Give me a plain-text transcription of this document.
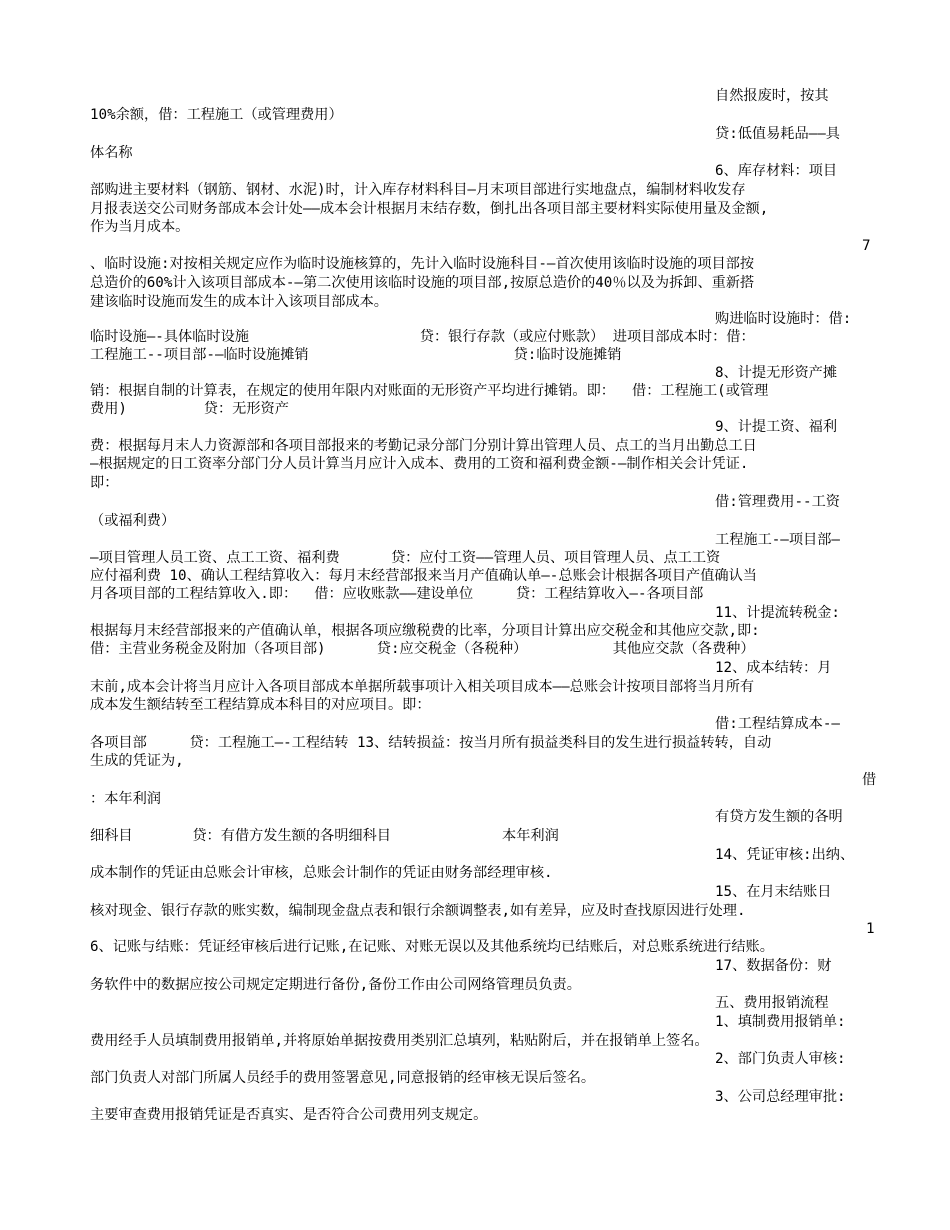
自然报废时，按其
10%余额，借：工程施工（或管理费用）
贷:低值易耗品——具
体名称
6、库存材料：项目
部购进主要材料（钢筋、钢材、水泥)时，计入库存材料科目—月末项目部进行实地盘点，编制材料收发存
月报表送交公司财务部成本会计处——成本会计根据月末结存数，倒扎出各项目部主要材料实际使用量及金额,
作为当月成本。
7
、临时设施:对按相关规定应作为临时设施核算的，先计入临时设施科目-—首次使用该临时设施的项目部按
总造价的60%计入该项目部成本-—第二次使用该临时设施的项目部,按原总造价的40％以及为拆卸、重新搭
建该临时设施而发生的成本计入该项目部成本。
购进临时设施时：借:
临时设施—-具体临时设施                    贷：银行存款（或应付账款） 进项目部成本时：借：
工程施工--项目部-—临时设施摊销                        贷:临时设施摊销
8、计提无形资产摊
销：根据自制的计算表，在规定的使用年限内对账面的无形资产平均进行摊销。即：  借：工程施工(或管理
费用)         贷：无形资产
9、计提工资、福利
费：根据每月末人力资源部和各项目部报来的考勤记录分部门分别计算出管理人员、点工的当月出勤总工日
—根据规定的日工资率分部门分人员计算当月应计入成本、费用的工资和福利费金额-—制作相关会计凭证.
即：
借:管理费用--工资
（或福利费）
工程施工-—项目部—
—项目管理人员工资、点工工资、福利费      贷：应付工资——管理人员、项目管理人员、点工工资
应付福利费 10、确认工程结算收入：每月末经营部报来当月产值确认单—-总账会计根据各项目产值确认当
月各项目部的工程结算收入.即：  借：应收账款——建设单位     贷：工程结算收入—-各项目部
11、计提流转税金:
根据每月末经营部报来的产值确认单，根据各项应缴税费的比率，分项目计算出应交税金和其他应交款,即:
借：主营业务税金及附加（各项目部)      贷:应交税金（各税种）          其他应交款（各费种）
12、成本结转：月
末前,成本会计将当月应计入各项目部成本单据所载事项计入相关项目成本——总账会计按项目部将当月所有
成本发生额结转至工程结算成本科目的对应项目。即：
借:工程结算成本-—
各项目部     贷：工程施工—-工程结转 13、结转损益：按当月所有损益类科目的发生进行损益转转，自动
生成的凭证为,
借
：本年利润
有贷方发生额的各明
细科目       贷：有借方发生额的各明细科目             本年利润
14、凭证审核:出纳、
成本制作的凭证由总账会计审核，总账会计制作的凭证由财务部经理审核.
15、在月末结账日
核对现金、银行存款的账实数，编制现金盘点表和银行余额调整表,如有差异，应及时查找原因进行处理.
1
6、记账与结账：凭证经审核后进行记账,在记账、对账无误以及其他系统均已结账后，对总账系统进行结账。
17、数据备份：财
务软件中的数据应按公司规定定期进行备份,备份工作由公司网络管理员负责。
五、费用报销流程
1、填制费用报销单:
费用经手人员填制费用报销单,并将原始单据按费用类别汇总填列，粘贴附后，并在报销单上签名。
2、部门负责人审核:
部门负责人对部门所属人员经手的费用签署意见,同意报销的经审核无误后签名。
3、公司总经理审批:
主要审查费用报销凭证是否真实、是否符合公司费用列支规定。
